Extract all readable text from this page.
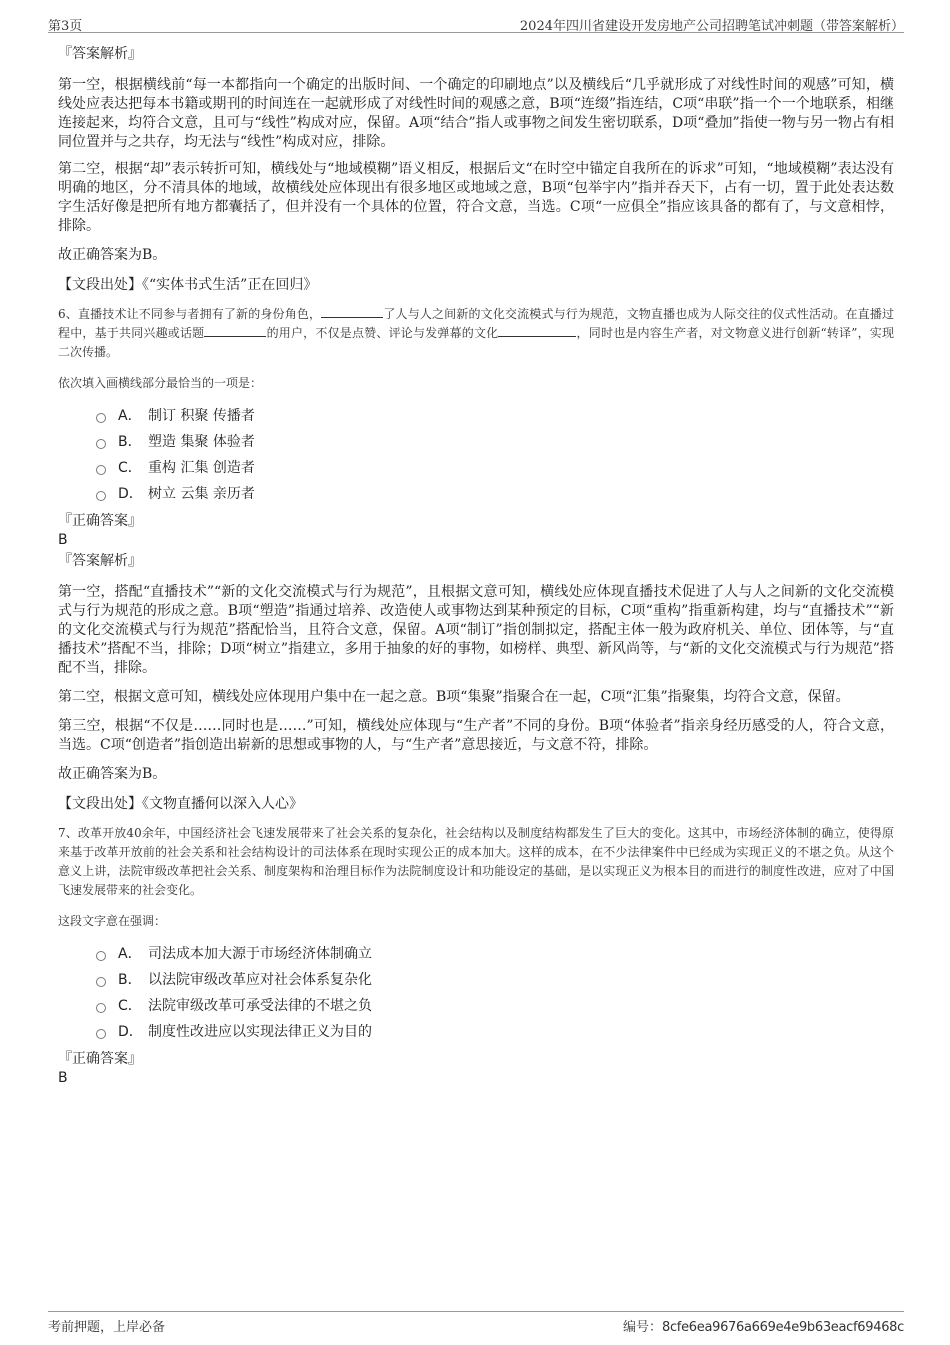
第3页	2024年四川省建设开发房地产公司招聘笔试冲刺题（带答案解析）

『答案解析』

第一空，根据横线前“每一本都指向一个确定的出版时间、一个确定的印刷地点”以及横线后“几乎就形成了对线性时间的观感”可知，横线处应表达把每本书籍或期刊的时间连在一起就形成了对线性时间的观感之意，B项“连缀”指连结，C项“串联”指一个一个地联系，相继连接起来，均符合文意，且可与“线性”构成对应，保留。A项“结合”指人或事物之间发生密切联系，D项“叠加”指使一物与另一物占有相同位置并与之共存，均无法与“线性”构成对应，排除。

第二空，根据“却”表示转折可知，横线处与“地域模糊”语义相反，根据后文“在时空中锚定自我所在的诉求”可知，“地域模糊”表达没有明确的地区，分不清具体的地域，故横线处应体现出有很多地区或地域之意，B项“包举宇内”指并吞天下，占有一切，置于此处表达数字生活好像是把所有地方都囊括了，但并没有一个具体的位置，符合文意，当选。C项“一应俱全”指应该具备的都有了，与文意相悖，排除。

故正确答案为B。

【文段出处】《“实体书式生活”正在回归》

6、直播技术让不同参与者拥有了新的身份角色，	了人与人之间新的文化交流模式与行为规范，文物直播也成为人际交往的仪式性活动。在直播过程中，基于共同兴趣或话题	的用户，不仅是点赞、评论与发弹幕的文化	，同时也是内容生产者，对文物意义进行创新“转译”，实现二次传播。

依次填入画横线部分最恰当的一项是：

A． 制订 积聚 传播者
B． 塑造 集聚 体验者
C． 重构 汇集 创造者
D． 树立 云集 亲历者

『正确答案』

B

『答案解析』

第一空，搭配“直播技术”“新的文化交流模式与行为规范”，且根据文意可知，横线处应体现直播技术促进了人与人之间新的文化交流模式与行为规范的形成之意。B项“塑造”指通过培养、改造使人或事物达到某种预定的目标，C项“重构”指重新构建，均与“直播技术”“新的文化交流模式与行为规范”搭配恰当，且符合文意，保留。A项“制订”指创制拟定，搭配主体一般为政府机关、单位、团体等，与“直播技术”搭配不当，排除；D项“树立”指建立，多用于抽象的好的事物，如榜样、典型、新风尚等，与“新的文化交流模式与行为规范”搭配不当，排除。

第二空，根据文意可知，横线处应体现用户集中在一起之意。B项“集聚”指聚合在一起，C项“汇集”指聚集，均符合文意，保留。

第三空，根据“不仅是……同时也是……”可知，横线处应体现与“生产者”不同的身份。B项“体验者”指亲身经历感受的人，符合文意，当选。C项“创造者”指创造出崭新的思想或事物的人，与“生产者”意思接近，与文意不符，排除。

故正确答案为B。

【文段出处】《文物直播何以深入人心》

7、改革开放40余年，中国经济社会飞速发展带来了社会关系的复杂化，社会结构以及制度结构都发生了巨大的变化。这其中，市场经济体制的确立，使得原来基于改革开放前的社会关系和社会结构设计的司法体系在现时实现公正的成本加大。这样的成本，在不少法律案件中已经成为实现正义的不堪之负。从这个意义上讲，法院审级改革把社会关系、制度架构和治理目标作为法院制度设计和功能设定的基础，是以实现正义为根本目的而进行的制度性改进，应对了中国飞速发展带来的社会变化。

这段文字意在强调：

A． 司法成本加大源于市场经济体制确立
B． 以法院审级改革应对社会体系复杂化
C． 法院审级改革可承受法律的不堪之负
D． 制度性改进应以实现法律正义为目的

『正确答案』

B

考前押题，上岸必备	编号：8cfe6ea9676a669e4e9b63eacf69468c
